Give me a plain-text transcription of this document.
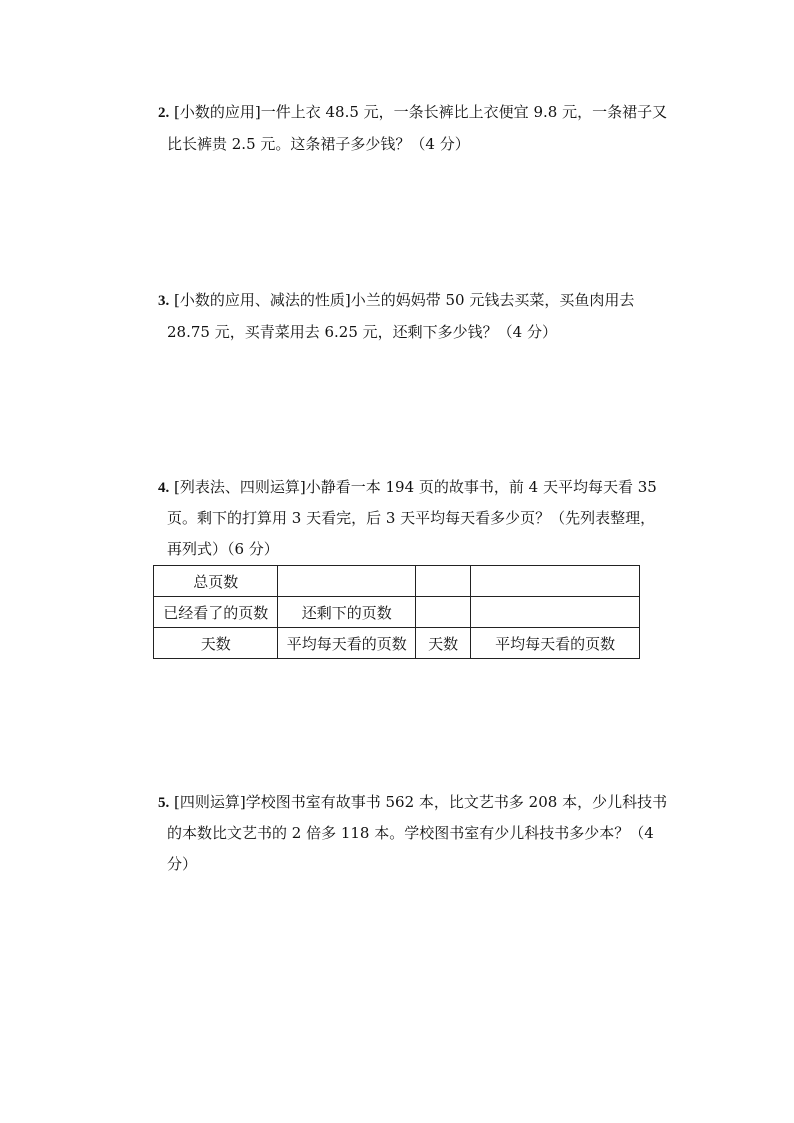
2. [小数的应用]一件上衣 48.5 元，一条长裤比上衣便宜 9.8 元，一条裙子又
比长裤贵 2.5 元。这条裙子多少钱？（4 分）
3. [小数的应用、减法的性质]小兰的妈妈带 50 元钱去买菜，买鱼肉用去
28.75 元，买青菜用去 6.25 元，还剩下多少钱？（4 分）
4. [列表法、四则运算]小静看一本 194 页的故事书，前 4 天平均每天看 35
页。剩下的打算用 3 天看完，后 3 天平均每天看多少页？（先列表整理，
再列式）（6 分）
总页数			
已经看了的页数	还剩下的页数		
天数	平均每天看的页数	天数	平均每天看的页数
5. [四则运算]学校图书室有故事书 562 本，比文艺书多 208 本，少儿科技书
的本数比文艺书的 2 倍多 118 本。学校图书室有少儿科技书多少本？（4
分）
